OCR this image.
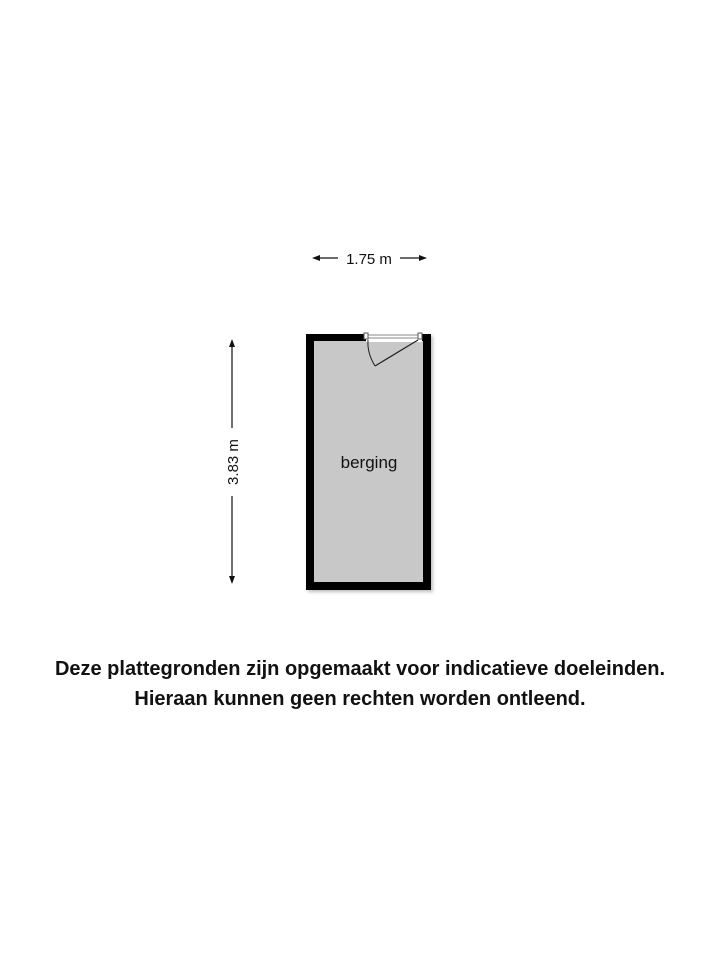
1.75 m
3.83 m	berging
Deze plattegronden zijn opgemaakt voor indicatieve doeleinden.
Hieraan kunnen geen rechten worden ontleend.
